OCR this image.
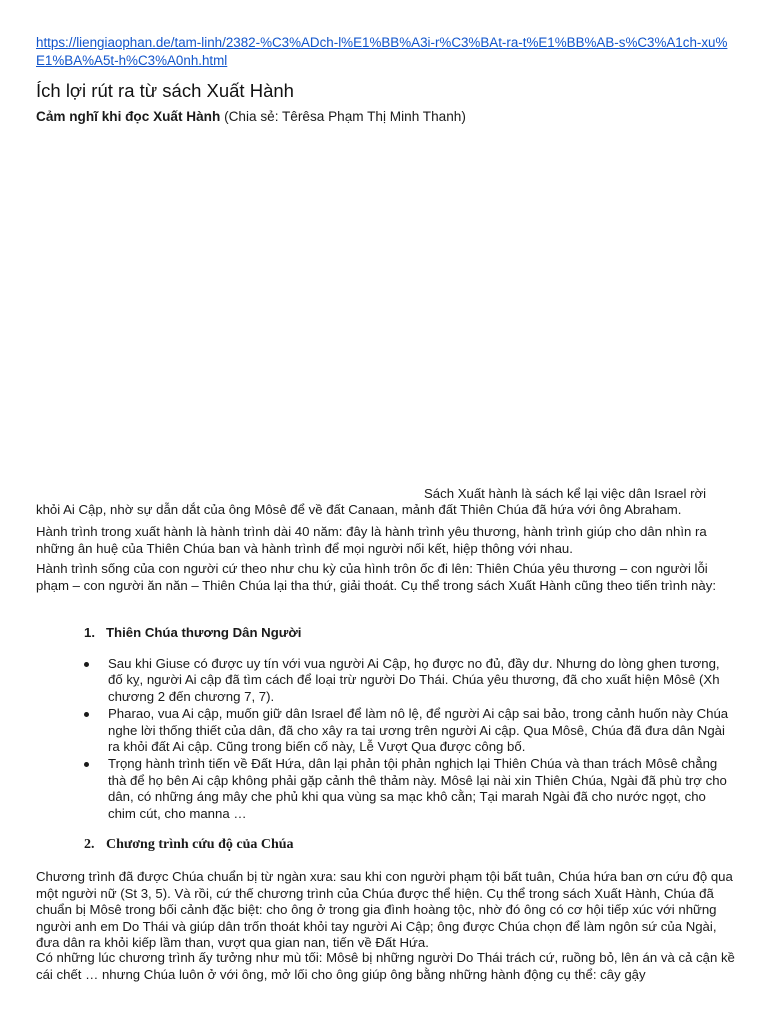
https://liengiaophan.de/tam-linh/2382-%C3%ADch-l%E1%BB%A3i-r%C3%BAt-ra-t%E1%BB%AB-s%C3%A1ch-xu%E1%BA%A5t-h%C3%A0nh.html
Ích lợi rút ra từ sách Xuất Hành
Cảm nghĩ khi đọc Xuất Hành (Chia sẻ: Têrêsa Phạm Thị Minh Thanh)
Sách Xuất hành là sách kể lại việc dân Israel rời
khỏi Ai Cập, nhờ sự dẫn dắt của ông Môsê để về đất Canaan, mảnh đất Thiên Chúa đã hứa với ông Abraham.

Hành trình trong xuất hành là hành trình dài 40 năm: đây là hành trình yêu thương, hành trình giúp cho dân nhìn ra những ân huệ của Thiên Chúa ban và hành trình để mọi người nối kết, hiệp thông với nhau.

Hành trình sống của con người cứ theo như chu kỳ của hình trôn ốc đi lên: Thiên Chúa yêu thương – con người lỗi phạm – con người ăn năn – Thiên Chúa lại tha thứ, giải thoát. Cụ thể trong sách Xuất Hành cũng theo tiến trình này:

1. Thiên Chúa thương Dân Người
Sau khi Giuse có được uy tín với vua người Ai Cập, họ được no đủ, đầy dư. Nhưng do lòng ghen tương, đố kỵ, người Ai cập đã tìm cách để loại trừ người Do Thái. Chúa yêu thương, đã cho xuất hiện Môsê (Xh chương 2 đến chương 7, 7).
Pharao, vua Ai cập, muốn giữ dân Israel để làm nô lệ, để người Ai cập sai bảo, trong cảnh huốn này Chúa nghe lời thống thiết của dân, đã cho xây ra tai ương trên người Ai cập. Qua Môsê, Chúa đã đưa dân Ngài ra khỏi đất Ai cập. Cũng trong biến cố này, Lễ Vượt Qua được công bố.
Trọng hành trình tiến về Đất Hứa, dân lại phản tội phản nghịch lại Thiên Chúa và than trách Môsê chẳng thà để họ bên Ai cập không phải gặp cảnh thê thảm này. Môsê lại nài xin Thiên Chúa, Ngài đã phù trợ cho dân, có những áng mây che phủ khi qua vùng sa mạc khô cằn; Tại marah Ngài đã cho nước ngọt, cho chim cút, cho manna …
2. Chương trình cứu độ của Chúa

Chương trình đã được Chúa chuẩn bị từ ngàn xưa: sau khi con người phạm tội bất tuân, Chúa hứa ban ơn cứu độ qua một người nữ (St 3, 5). Và rồi, cứ thế chương trình của Chúa được thể hiện. Cụ thể trong sách Xuất Hành, Chúa đã chuẩn bị Môsê trong bối cảnh đặc biệt: cho ông ở trong gia đình hoàng tộc, nhờ đó ông có cơ hội tiếp xúc với những người anh em Do Thái và giúp dân trốn thoát khỏi tay người Ai Cập; ông được Chúa chọn để làm ngôn sứ của Ngài, đưa dân ra khỏi kiếp lầm than, vượt qua gian nan, tiến về Đất Hứa.

Có những lúc chương trình ấy tưởng như mù tối: Môsê bị những người Do Thái trách cứ, ruồng bỏ, lên án và cả cận kề cái chết … nhưng Chúa luôn ở với ông, mở lối cho ông giúp ông bằng những hành động cụ thể: cây gậy
